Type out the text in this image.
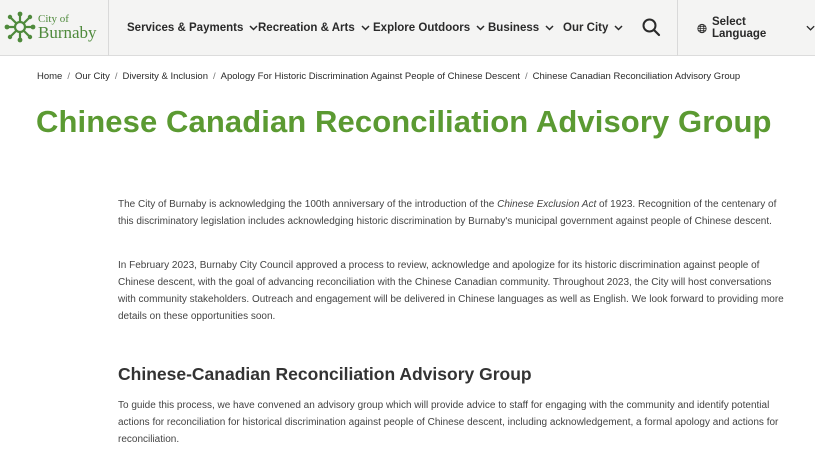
City of
Burnaby	Services & Payments Recreation & Arts Explore Outdoors Business Our City	Select Language
Home / Our City / Diversity & Inclusion / Apology For Historic Discrimination Against People of Chinese Descent / Chinese Canadian Reconciliation Advisory Group
Chinese Canadian Reconciliation Advisory Group

The City of Burnaby is acknowledging the 100th anniversary of the introduction of the Chinese Exclusion Act of 1923. Recognition of the centenary of this discriminatory legislation includes acknowledging historic discrimination by Burnaby's municipal government against people of Chinese descent.

In February 2023, Burnaby City Council approved a process to review, acknowledge and apologize for its historic discrimination against people of Chinese descent, with the goal of advancing reconciliation with the Chinese Canadian community. Throughout 2023, the City will host conversations with community stakeholders. Outreach and engagement will be delivered in Chinese languages as well as English. We look forward to providing more details on these opportunities soon.

Chinese-Canadian Reconciliation Advisory Group

To guide this process, we have convened an advisory group which will provide advice to staff for engaging with the community and identify potential actions for reconciliation for historical discrimination against people of Chinese descent, including acknowledgement, a formal apology and actions for reconciliation.
